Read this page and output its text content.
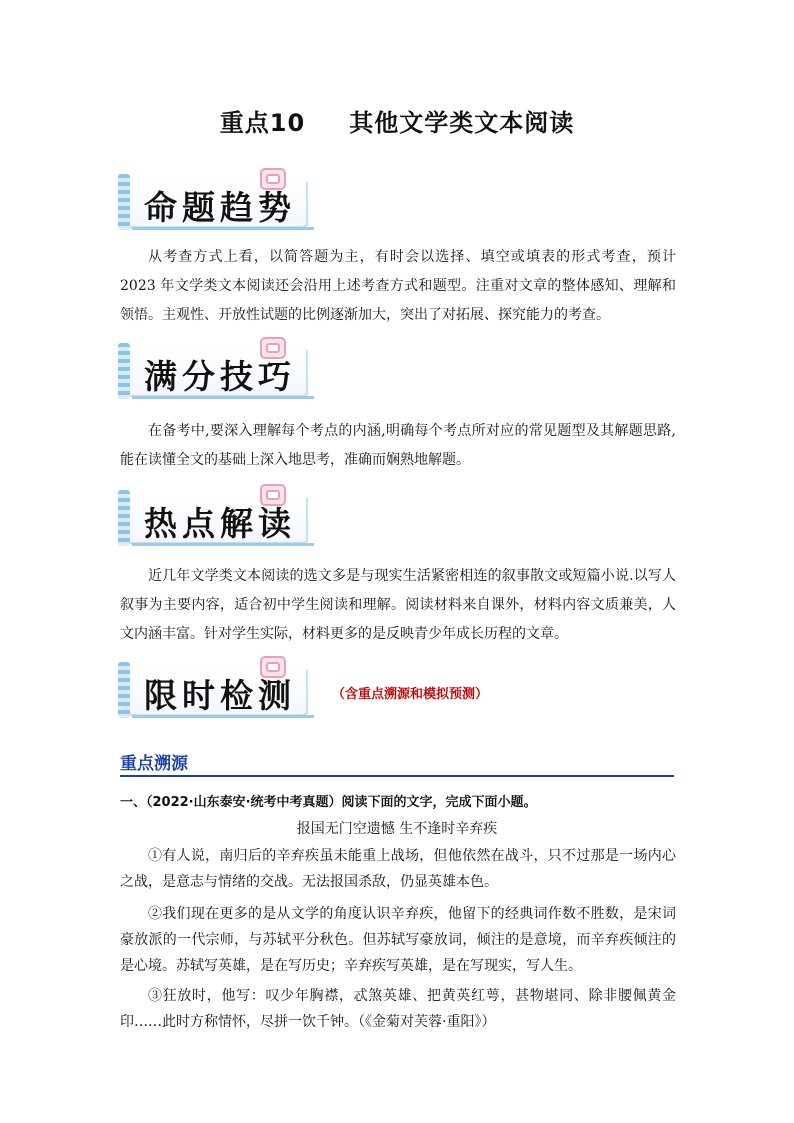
重点10 其他文学类文本阅读
命题趋势

从考查方式上看，以简答题为主，有时会以选择、填空或填表的形式考查，预计 2023 年文学类文本阅读还会沿用上述考查方式和题型。注重对文章的整体感知、理解和领悟。主观性、开放性试题的比例逐渐加大，突出了对拓展、探究能力的考查。

满分技巧

在备考中,要深入理解每个考点的内涵,明确每个考点所对应的常见题型及其解题思路,能在读懂全文的基础上深入地思考，准确而娴熟地解题。

热点解读

近几年文学类文本阅读的选文多是与现实生活紧密相连的叙事散文或短篇小说.以写人叙事为主要内容，适合初中学生阅读和理解。阅读材料来自课外，材料内容文质兼美，人文内涵丰富。针对学生实际，材料更多的是反映青少年成长历程的文章。

限时检测	（含重点溯源和模拟预测）
重点溯源

一、（2022·山东泰安·统考中考真题）阅读下面的文字，完成下面小题。

报国无门空遗憾 生不逢时辛弃疾

①有人说，南归后的辛弃疾虽未能重上战场，但他依然在战斗，只不过那是一场内心之战，是意志与情绪的交战。无法报国杀敌，仍显英雄本色。

②我们现在更多的是从文学的角度认识辛弃疾，他留下的经典词作数不胜数，是宋词豪放派的一代宗师，与苏轼平分秋色。但苏轼写豪放词，倾注的是意境，而辛弃疾倾注的是心境。苏轼写英雄，是在写历史；辛弃疾写英雄，是在写现实，写人生。

③狂放时，他写：叹少年胸襟，忒煞英雄、把黄英红萼，甚物堪同、除非腰佩黄金印……此时方称情怀，尽拼一饮千钟。（《金菊对芙蓉·重阳》）
